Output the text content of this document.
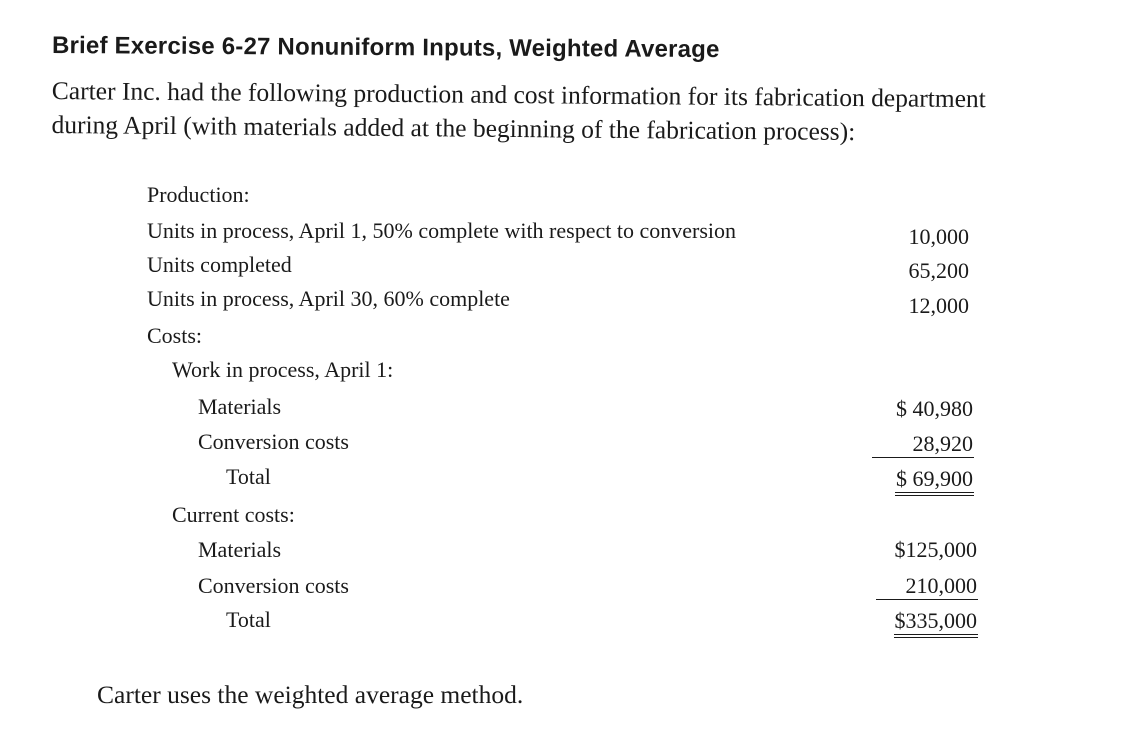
Brief Exercise 6-27 Nonuniform Inputs, Weighted Average
Carter Inc. had the following production and cost information for its fabrication department
during April (with materials added at the beginning of the fabrication process):
Production:
Units in process, April 1, 50% complete with respect to conversion	10,000
Units completed	65,200
Units in process, April 30, 60% complete	12,000
Costs:
Work in process, April 1:
Materials	$ 40,980
Conversion costs	28,920
Total	$ 69,900
Current costs:
Materials	$125,000
Conversion costs	210,000
Total	$335,000
Carter uses the weighted average method.
